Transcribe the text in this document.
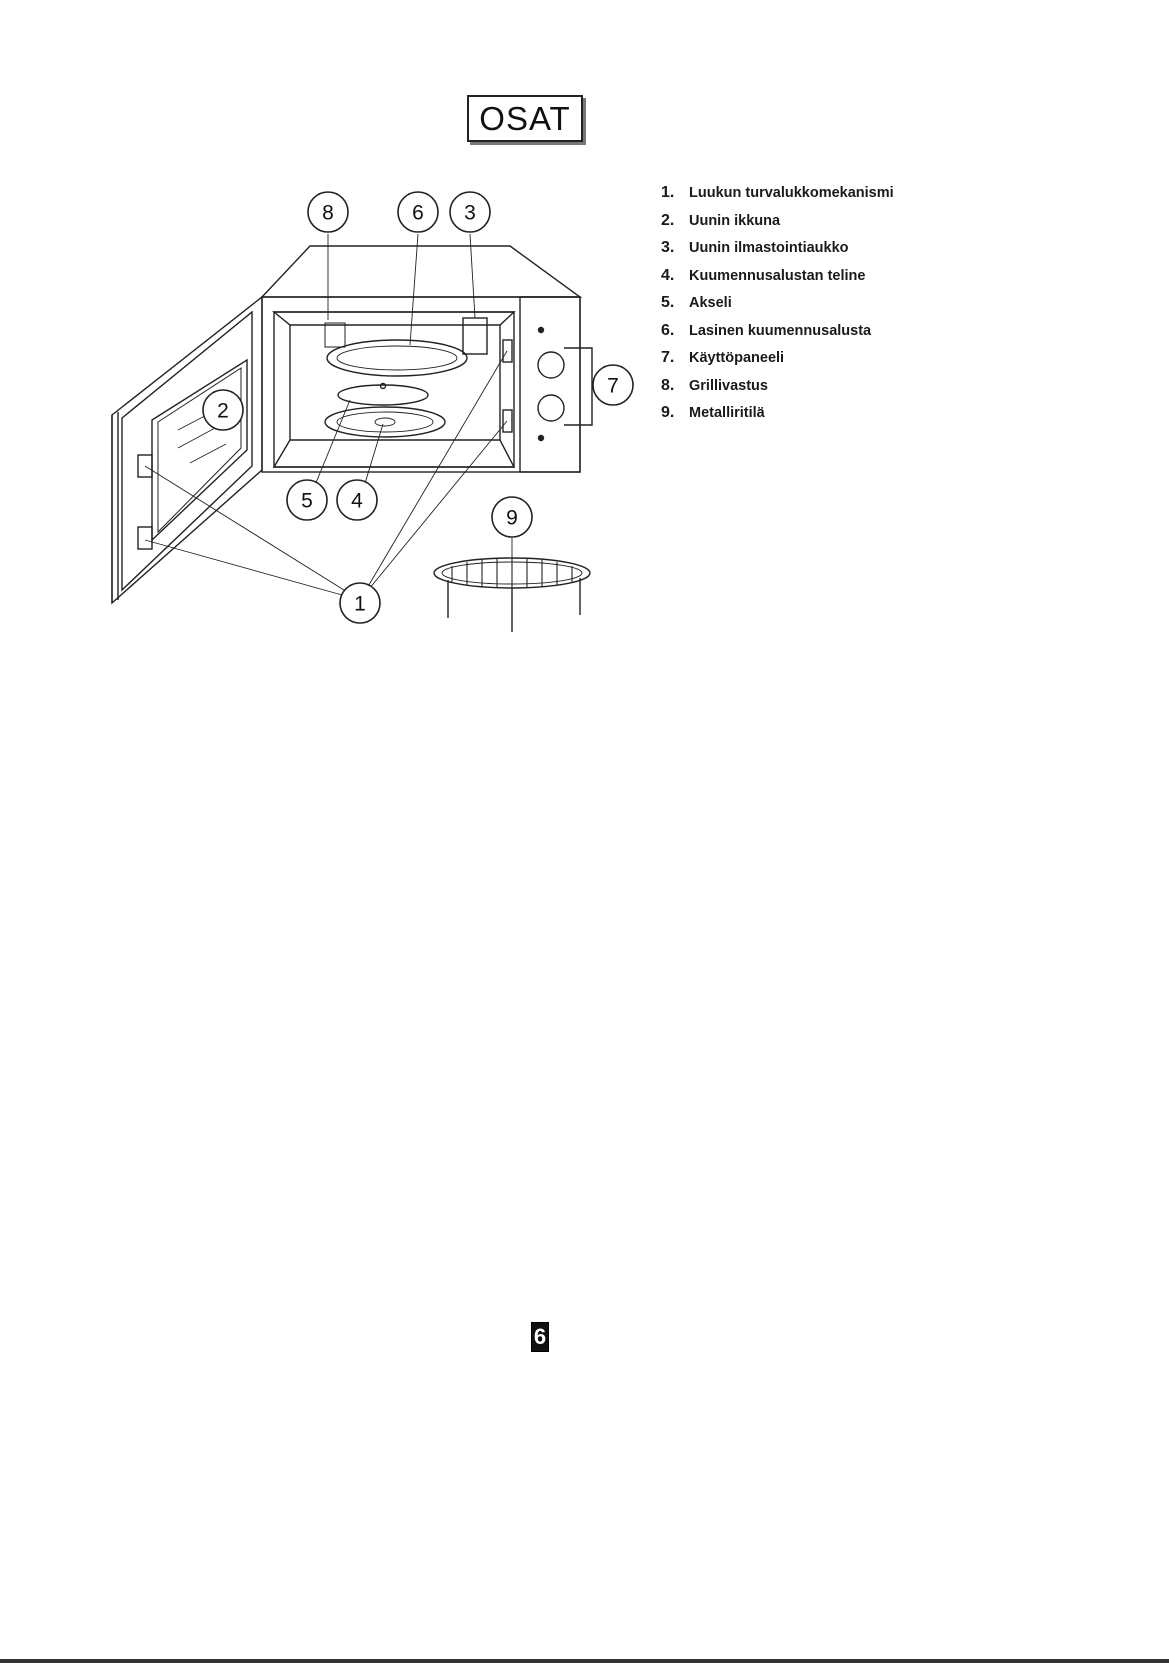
OSAT
8	6 3
2
7
5 4
9
1
1.	Luukun turvalukkomekanismi
2.	Uunin ikkuna
3.	Uunin ilmastointiaukko
4.	Kuumennusalustan teline
5.	Akseli
6.	Lasinen kuumennusalusta
7.	Käyttöpaneeli
8.	Grillivastus
9.	Metalliritilä
6
